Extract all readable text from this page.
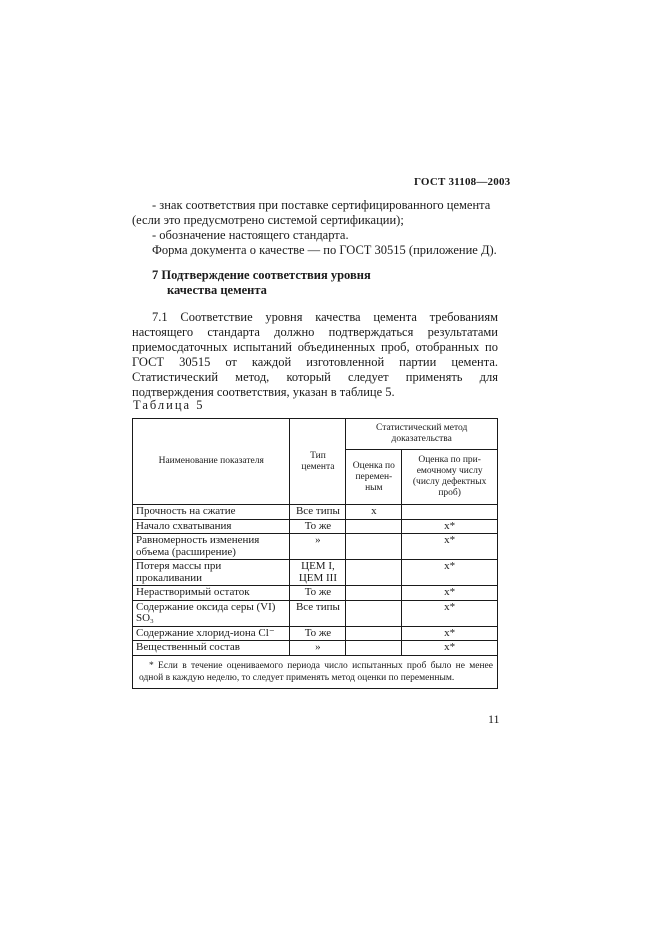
ГОСТ 31108—2003
- знак соответствия при поставке сертифицированного цемента
(если это предусмотрено системой сертификации);
- обозначение настоящего стандарта.
Форма документа о качестве — по ГОСТ 30515 (приложение Д).
7 Подтверждение соответствия уровня
качества цемента
7.1 Соответствие уровня качества цемента требованиям настоящего стандарта должно подтверждаться результатами приемосдаточных испытаний объединенных проб, отобранных по ГОСТ 30515 от каждой изготовленной партии цемента. Статистический метод, который следует применять для подтверждения соответствия, указан в таблице 5.
Таблица 5
Наименование показателя	Тип цемента	Статистический метод доказательства	
		Оценка по перемен-ным	Оценка по при-емочному числу (числу дефектных проб)
Прочность на сжатие	Все типы	х	
Начало схватывания	То же		х*
Равномерность изменения объема (расширение)	»		х*
Потеря массы при прокаливании	ЦЕМ I, ЦЕМ III		х*
Нерастворимый остаток	То же		х*
Содержание оксида серы (VI) SO₃	Все типы		х*
Содержание хлорид-иона Cl⁻	То же		х*
Вещественный состав	»		х*
* Если в течение оцениваемого периода число испытанных проб было не менее одной в каждую неделю, то следует применять метод оценки по переменным.			
11
